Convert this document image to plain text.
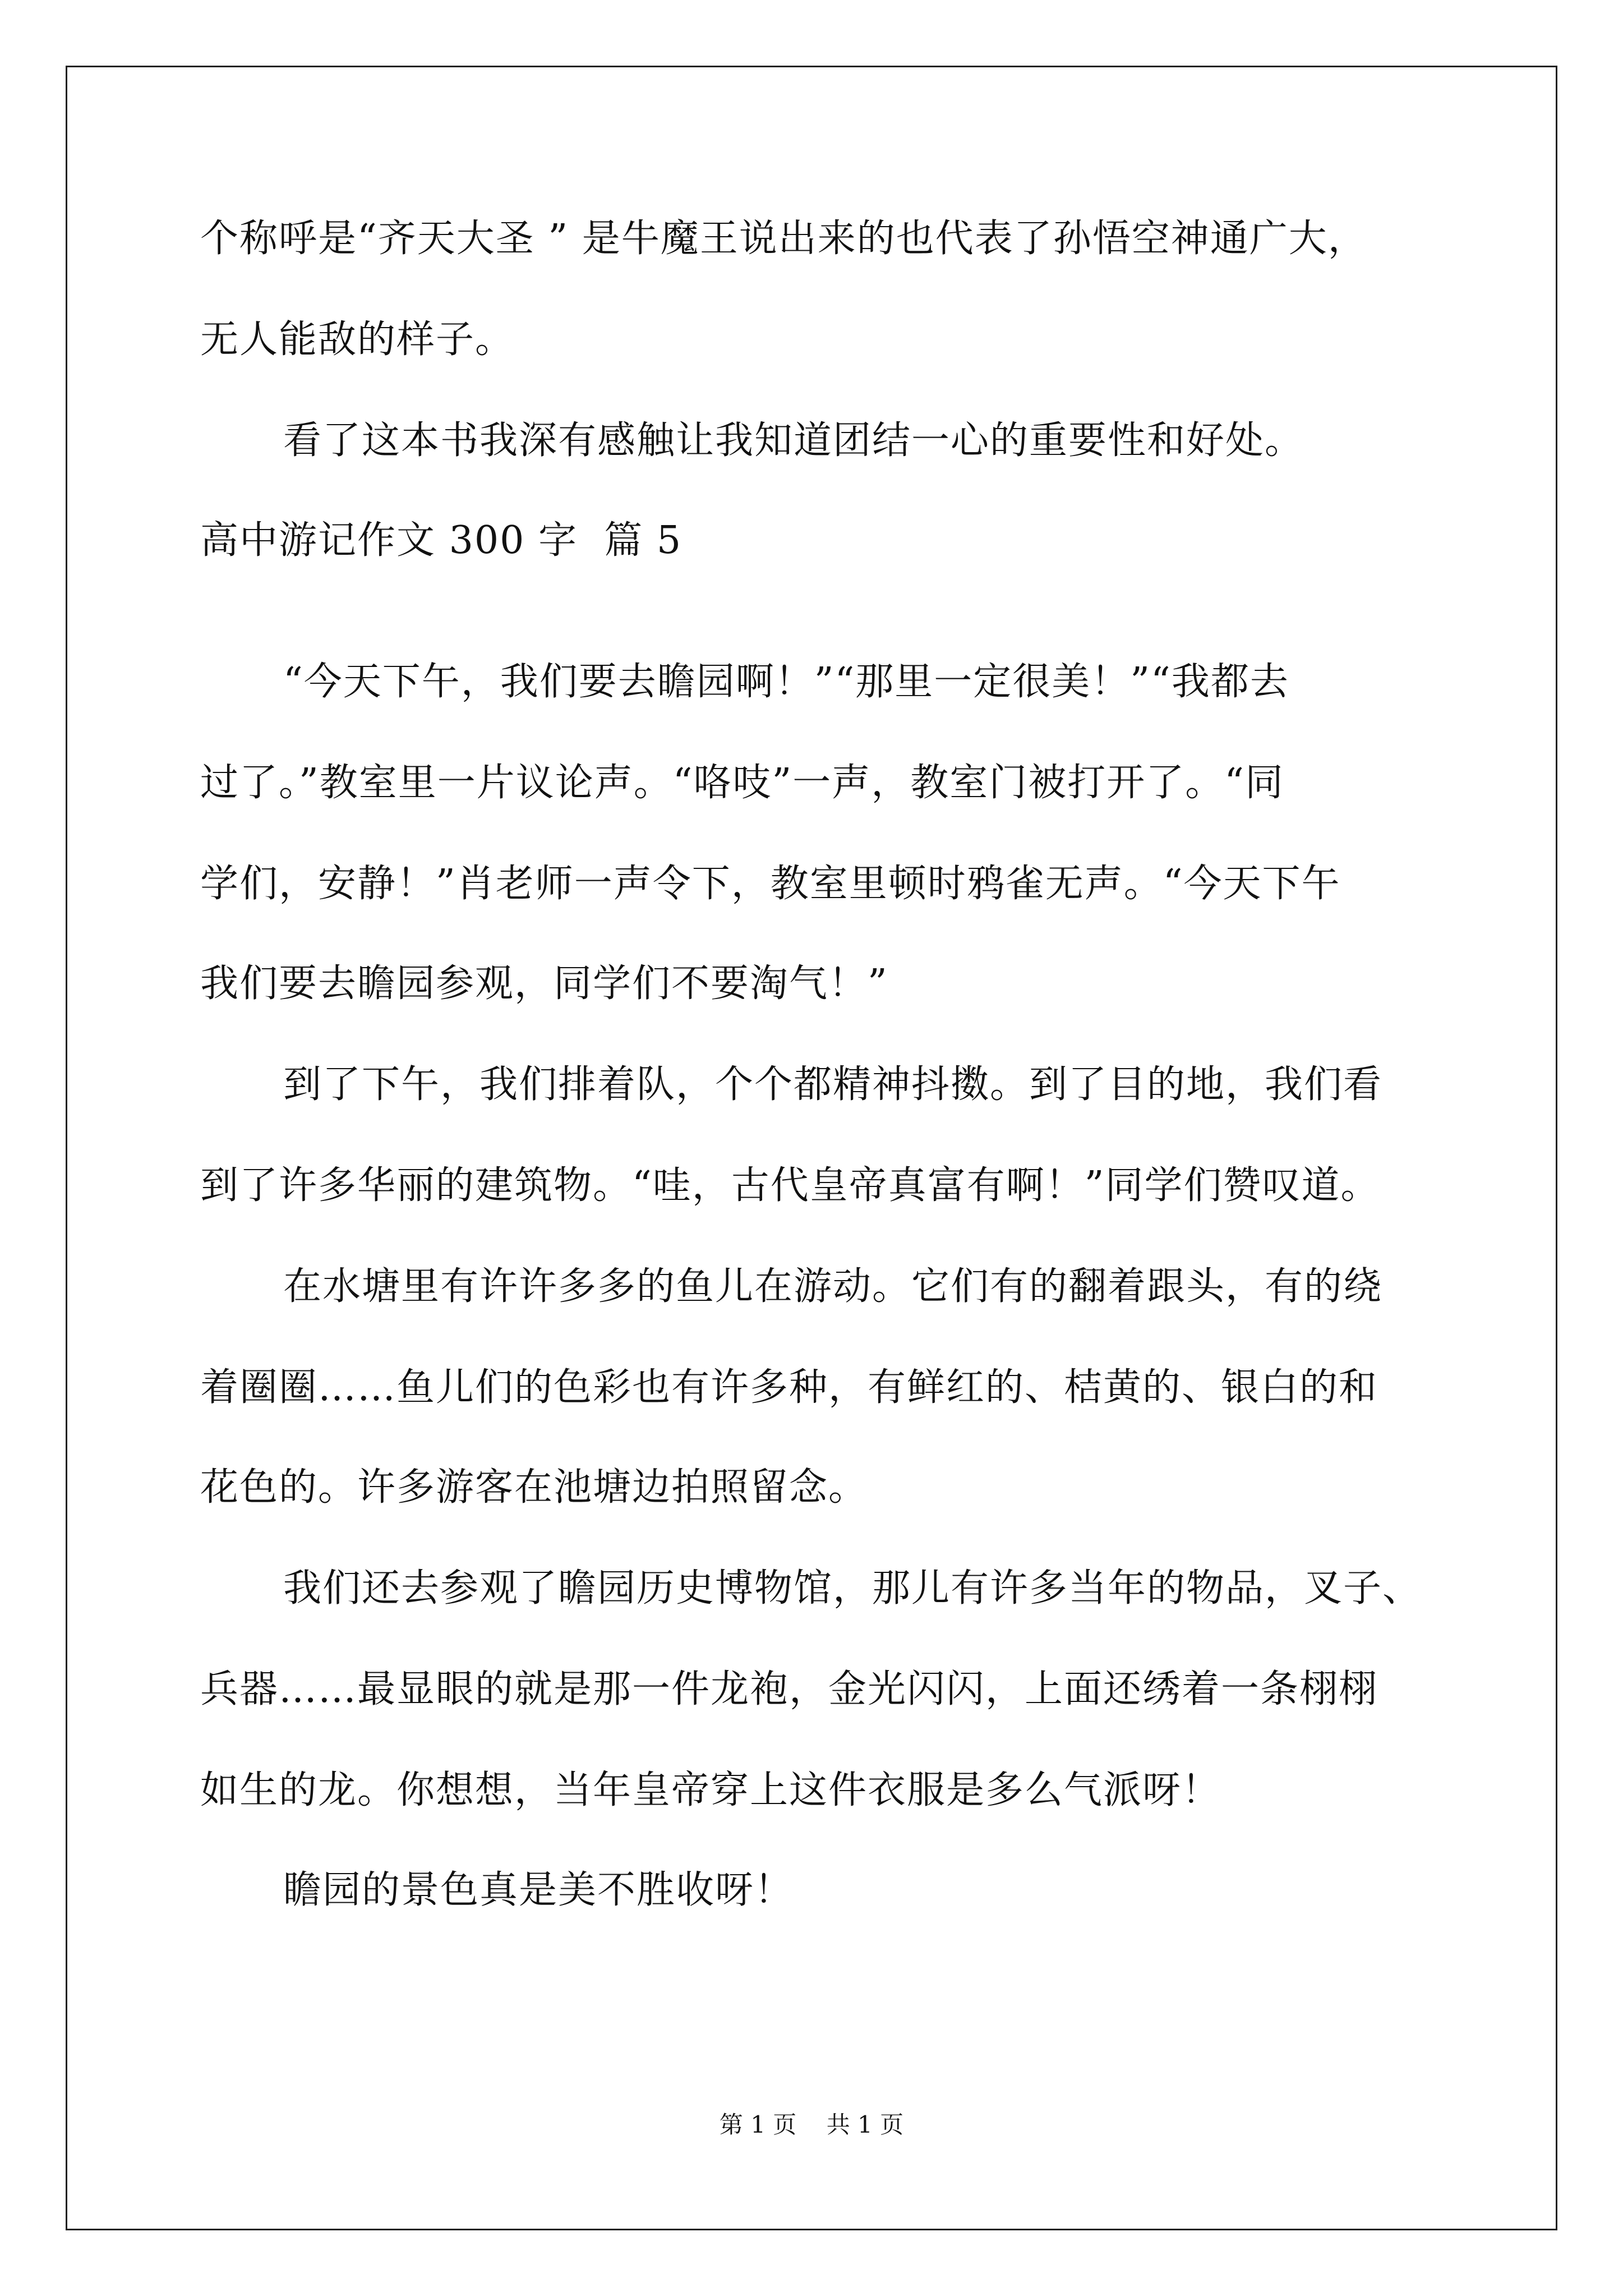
个称呼是“齐天大圣 ” 是牛魔王说出来的也代表了孙悟空神通广大，
无人能敌的样子。
看了这本书我深有感触让我知道团结一心的重要性和好处。
高中游记作文 300 字  篇 5
“今天下午，我们要去瞻园啊！”“那里一定很美！”“我都去
过了。”教室里一片议论声。“咯吱”一声，教室门被打开了。“同
学们，安静！”肖老师一声令下，教室里顿时鸦雀无声。“今天下午
我们要去瞻园参观，同学们不要淘气！”
到了下午，我们排着队，个个都精神抖擞。到了目的地，我们看
到了许多华丽的建筑物。“哇，古代皇帝真富有啊！”同学们赞叹道。
在水塘里有许许多多的鱼儿在游动。它们有的翻着跟头，有的绕
着圈圈……鱼儿们的色彩也有许多种，有鲜红的、桔黄的、银白的和
花色的。许多游客在池塘边拍照留念。
我们还去参观了瞻园历史博物馆，那儿有许多当年的物品，叉子、
兵器……最显眼的就是那一件龙袍，金光闪闪，上面还绣着一条栩栩
如生的龙。你想想，当年皇帝穿上这件衣服是多么气派呀！
瞻园的景色真是美不胜收呀！
第 1 页    共 1 页
